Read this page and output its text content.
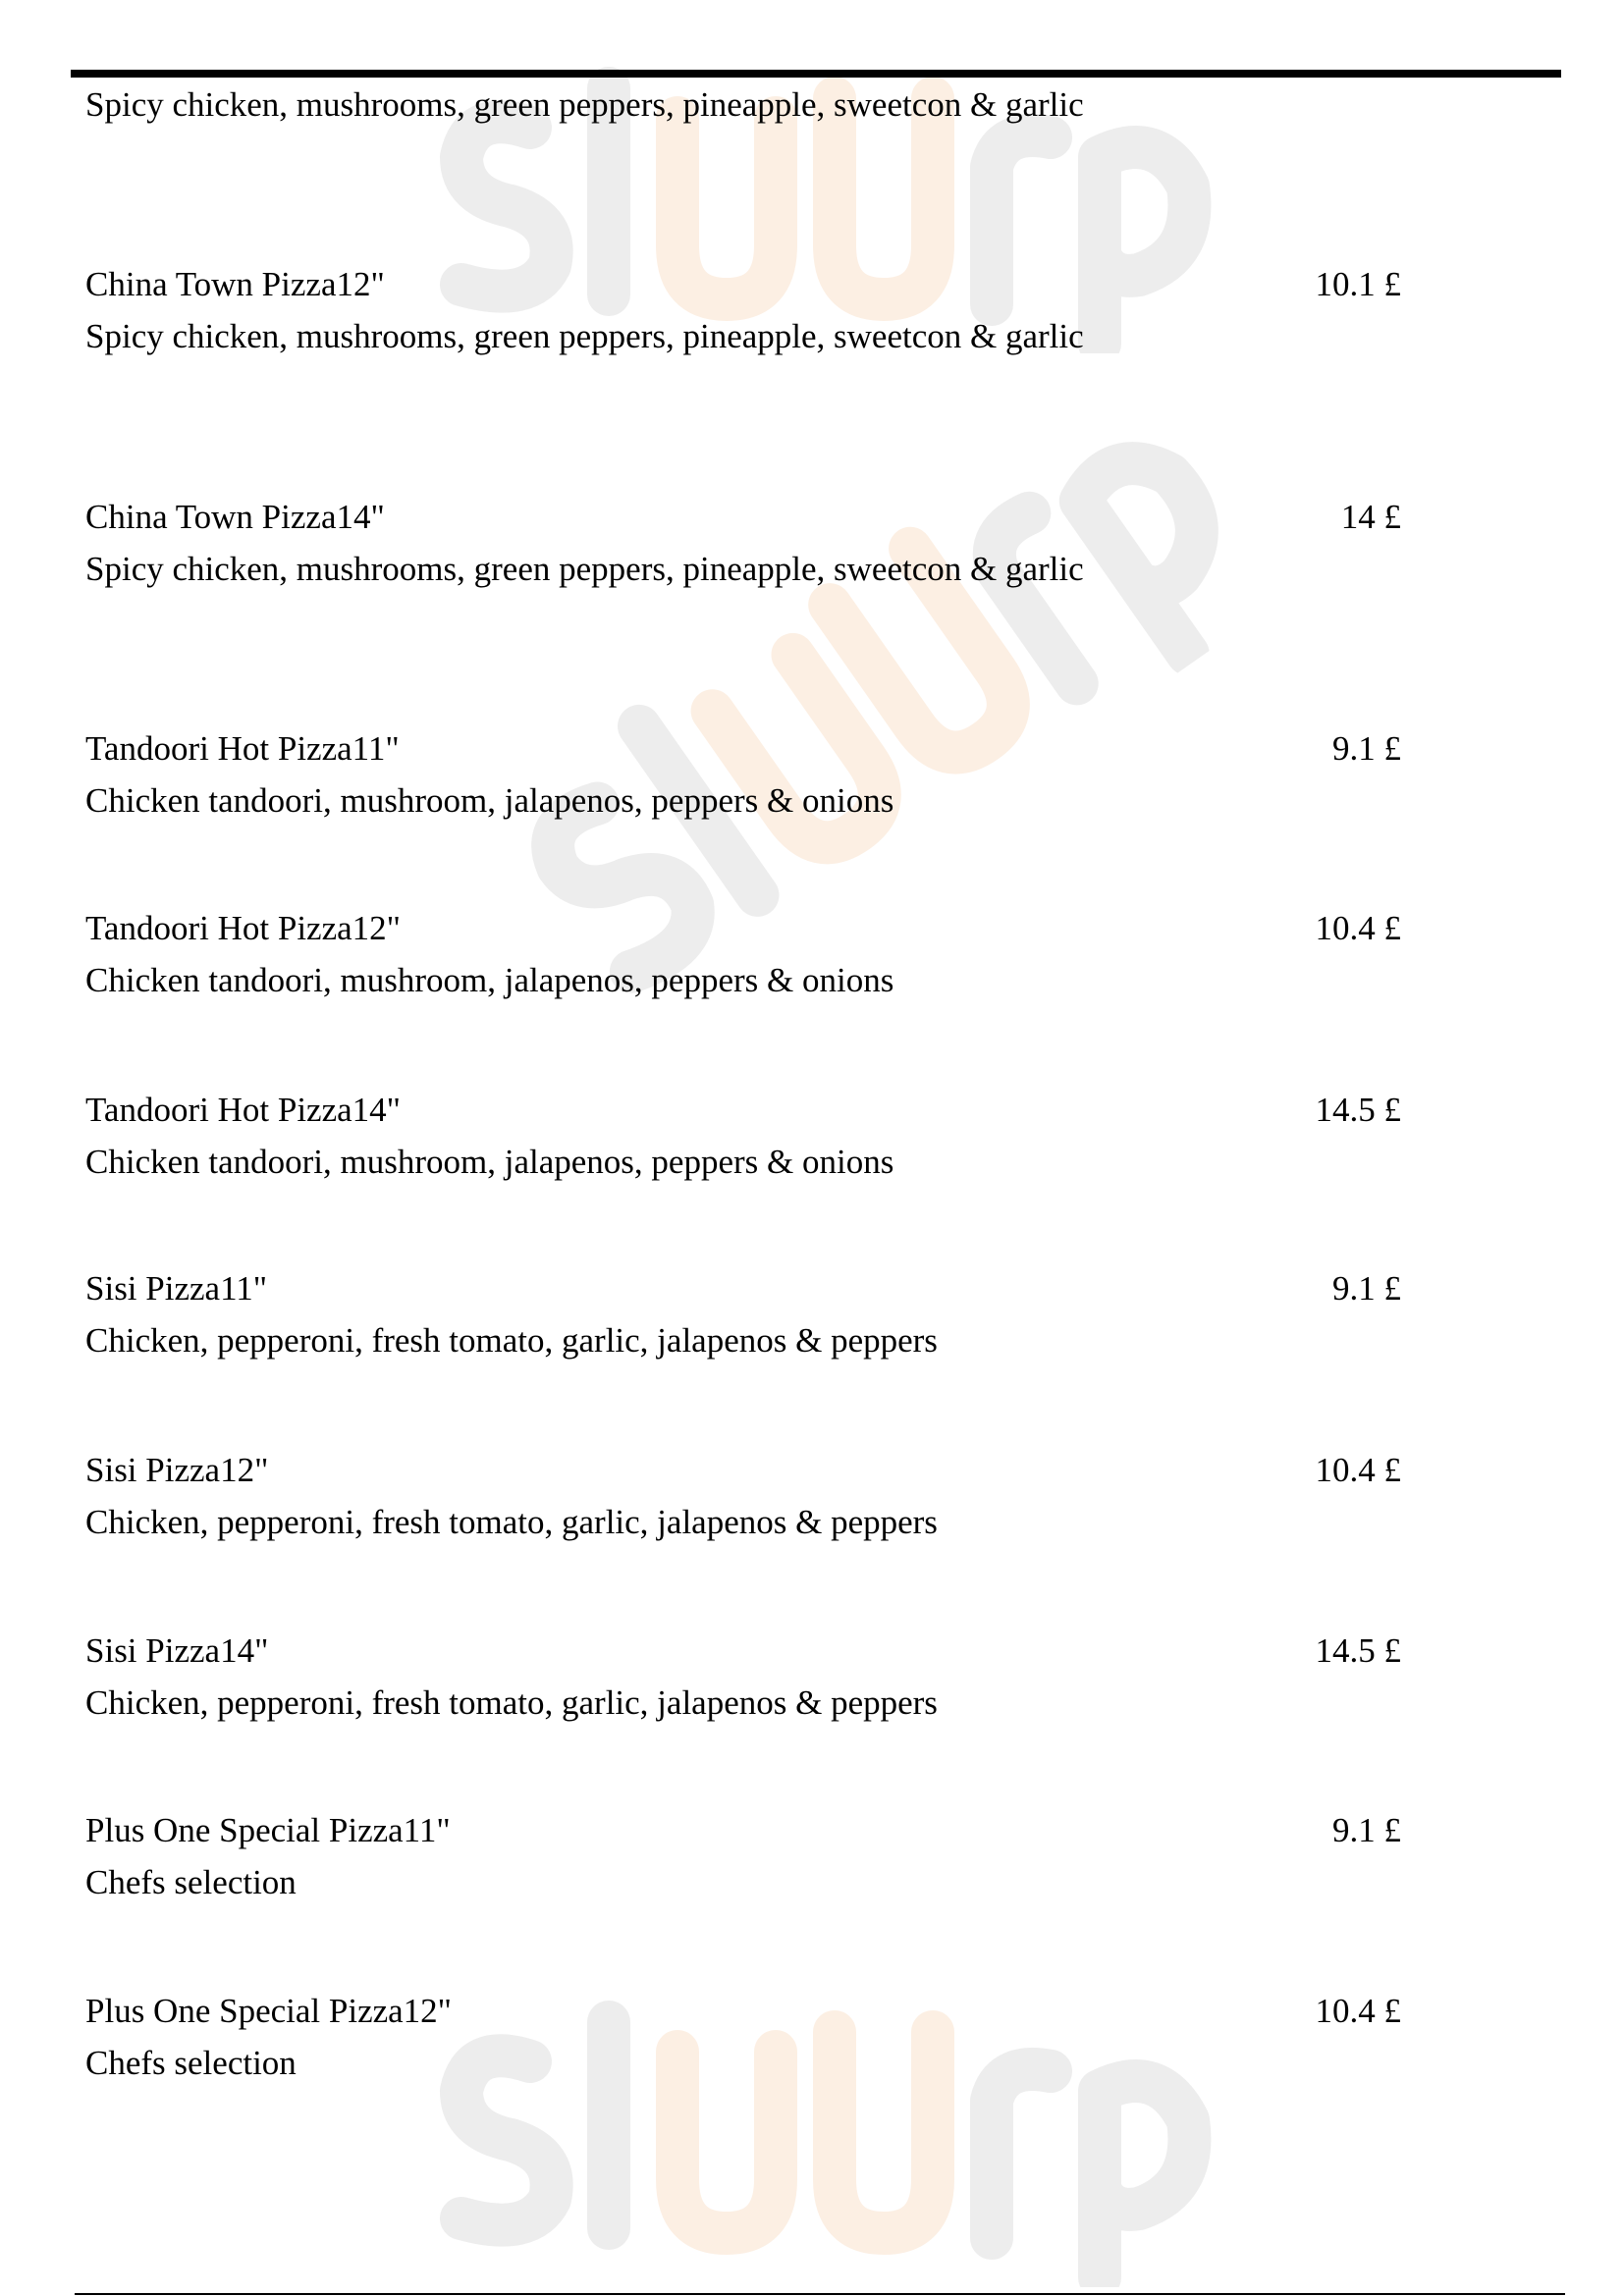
Spicy chicken, mushrooms, green peppers, pineapple, sweetcon & garlic
China Town Pizza12"
Spicy chicken, mushrooms, green peppers, pineapple, sweetcon & garlic
10.1 £
China Town Pizza14"
Spicy chicken, mushrooms, green peppers, pineapple, sweetcon & garlic
14 £
Tandoori Hot Pizza11"
Chicken tandoori, mushroom, jalapenos, peppers & onions
9.1 £
Tandoori Hot Pizza12"
Chicken tandoori, mushroom, jalapenos, peppers & onions
10.4 £
Tandoori Hot Pizza14"
Chicken tandoori, mushroom, jalapenos, peppers & onions
14.5 £
Sisi Pizza11"
Chicken, pepperoni, fresh tomato, garlic, jalapenos & peppers
9.1 £
Sisi Pizza12"
Chicken, pepperoni, fresh tomato, garlic, jalapenos & peppers
10.4 £
Sisi Pizza14"
Chicken, pepperoni, fresh tomato, garlic, jalapenos & peppers
14.5 £
Plus One Special Pizza11"
Chefs selection
9.1 £
Plus One Special Pizza12"
Chefs selection
10.4 £
